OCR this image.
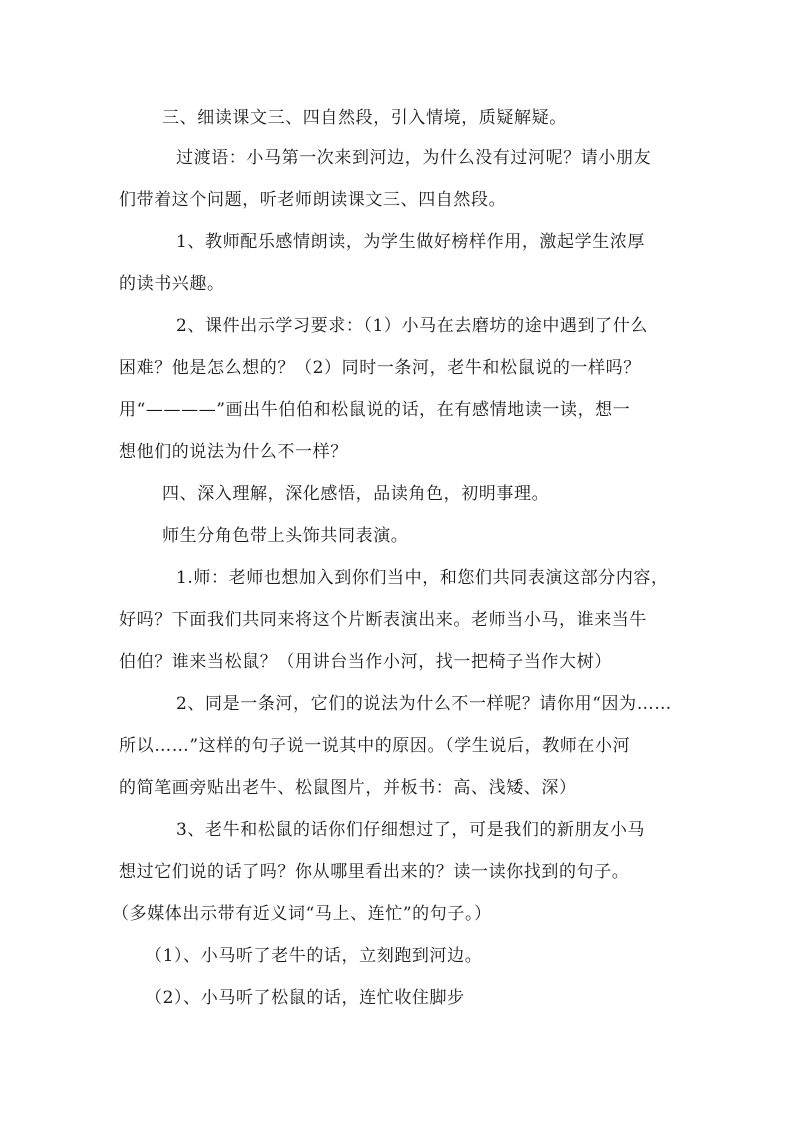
三、细读课文三、四自然段，引入情境，质疑解疑。
过渡语：小马第一次来到河边，为什么没有过河呢？请小朋友
们带着这个问题，听老师朗读课文三、四自然段。
1、教师配乐感情朗读，为学生做好榜样作用，激起学生浓厚
的读书兴趣。
2、课件出示学习要求：（1）小马在去磨坊的途中遇到了什么
困难？他是怎么想的？（2）同时一条河，老牛和松鼠说的一样吗？
用“————”画出牛伯伯和松鼠说的话，在有感情地读一读，想一
想他们的说法为什么不一样？
四、深入理解，深化感悟，品读角色，初明事理。
师生分角色带上头饰共同表演。
1.师：老师也想加入到你们当中，和您们共同表演这部分内容，
好吗？下面我们共同来将这个片断表演出来。老师当小马，谁来当牛
伯伯？谁来当松鼠？（用讲台当作小河，找一把椅子当作大树）
2、同是一条河，它们的说法为什么不一样呢？请你用“因为……
所以……”这样的句子说一说其中的原因。（学生说后，教师在小河
的简笔画旁贴出老牛、松鼠图片，并板书：高、浅矮、深）
3、老牛和松鼠的话你们仔细想过了，可是我们的新朋友小马
想过它们说的话了吗？你从哪里看出来的？读一读你找到的句子。
（多媒体出示带有近义词“马上、连忙”的句子。）
（1）、小马听了老牛的话，立刻跑到河边。
（2）、小马听了松鼠的话，连忙收住脚步
